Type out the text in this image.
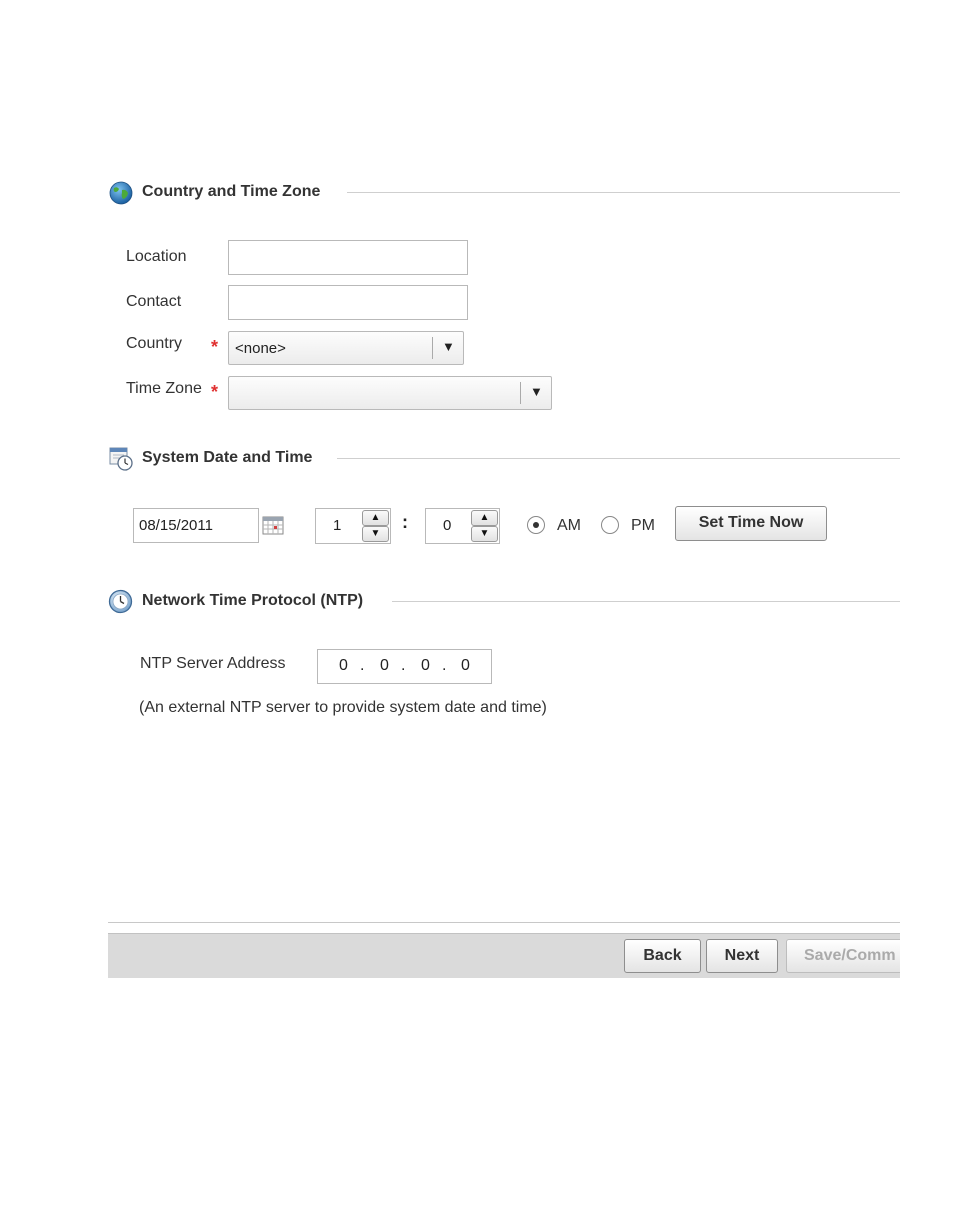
Country and Time Zone
Location
Contact
Country * <none>	▼
Time Zone *	▼
System Date and Time
08/15/2011	1	▲
▼
: 0	▲
▼	AM	PM	Set Time Now
Network Time Protocol (NTP)
NTP Server Address	0 . 0 . 0 . 0
(An external NTP server to provide system date and time)
Back	Next	Save/Comm
